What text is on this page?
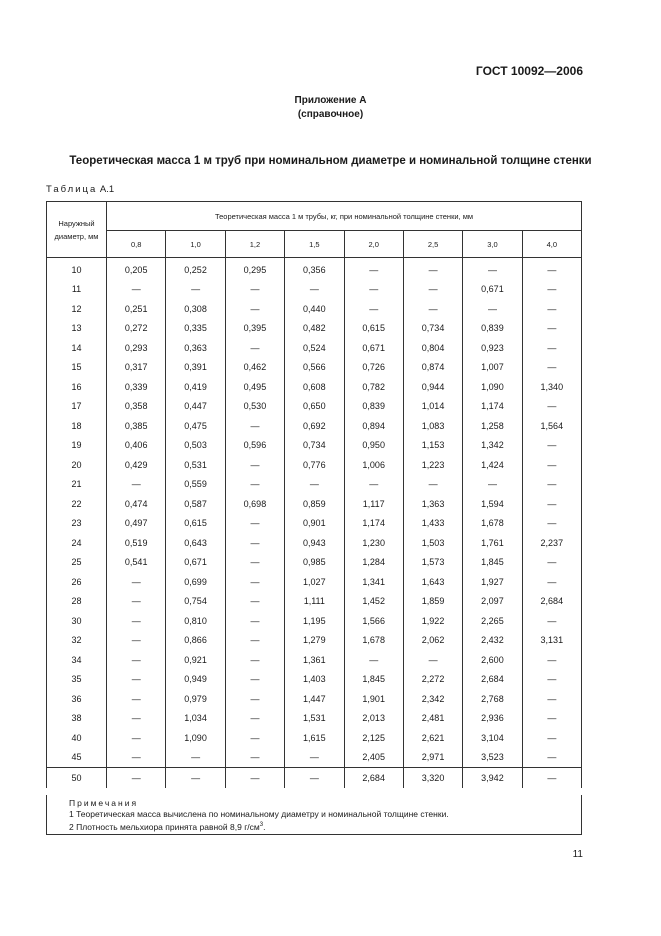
ГОСТ 10092—2006
Приложение А
(справочное)
Теоретическая масса 1 м труб при номинальном диаметре и номинальной толщине стенки
Таблица А.1
Наружный диаметр, мм	Теоретическая масса 1 м трубы, кг, при номинальной толщине стенки, мм							
	0,8	1,0	1,2	1,5	2,0	2,5	3,0	4,0
10	0,205	0,252	0,295	0,356	—	—	—	—
11	—	—	—	—	—	—	0,671	—
12	0,251	0,308	—	0,440	—	—	—	—
13	0,272	0,335	0,395	0,482	0,615	0,734	0,839	—
14	0,293	0,363	—	0,524	0,671	0,804	0,923	—
15	0,317	0,391	0,462	0,566	0,726	0,874	1,007	—
16	0,339	0,419	0,495	0,608	0,782	0,944	1,090	1,340
17	0,358	0,447	0,530	0,650	0,839	1,014	1,174	—
18	0,385	0,475	—	0,692	0,894	1,083	1,258	1,564
19	0,406	0,503	0,596	0,734	0,950	1,153	1,342	—
20	0,429	0,531	—	0,776	1,006	1,223	1,424	—
21	—	0,559	—	—	—	—	—	—
22	0,474	0,587	0,698	0,859	1,117	1,363	1,594	—
23	0,497	0,615	—	0,901	1,174	1,433	1,678	—
24	0,519	0,643	—	0,943	1,230	1,503	1,761	2,237
25	0,541	0,671	—	0,985	1,284	1,573	1,845	—
26	—	0,699	—	1,027	1,341	1,643	1,927	—
28	—	0,754	—	1,111	1,452	1,859	2,097	2,684
30	—	0,810	—	1,195	1,566	1,922	2,265	—
32	—	0,866	—	1,279	1,678	2,062	2,432	3,131
34	—	0,921	—	1,361	—	—	2,600	—
35	—	0,949	—	1,403	1,845	2,272	2,684	—
36	—	0,979	—	1,447	1,901	2,342	2,768	—
38	—	1,034	—	1,531	2,013	2,481	2,936	—
40	—	1,090	—	1,615	2,125	2,621	3,104	—
45	—	—	—	—	2,405	2,971	3,523	—
50	—	—	—	—	2,684	3,320	3,942	—
Примечания
1 Теоретическая масса вычислена по номинальному диаметру и номинальной толщине стенки.
2 Плотность мельхиора принята равной 8,9 $г/см^3$.
11
